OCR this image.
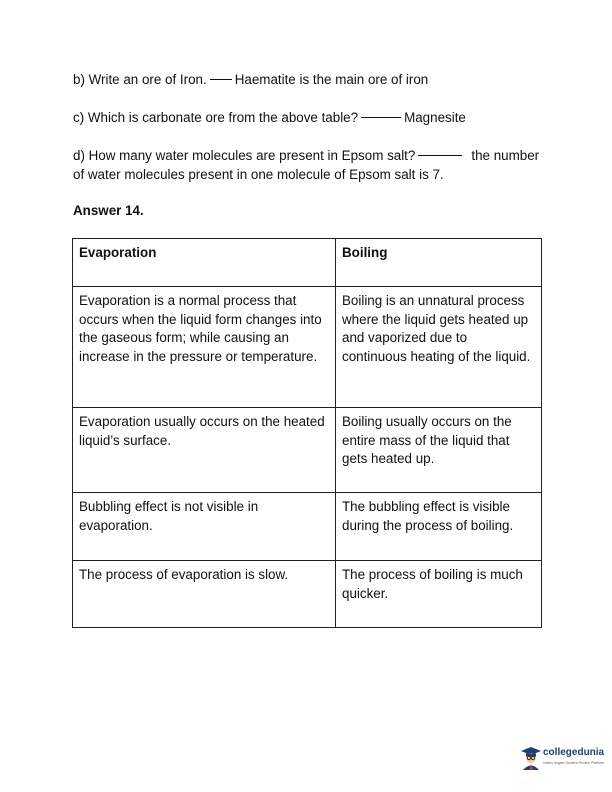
b) Write an ore of Iron. Haematite is the main ore of iron

c) Which is carbonate ore from the above table?	Magnesite

d) How many water molecules are present in Epsom salt?	the number of water molecules present in one molecule of Epsom salt is 7.

Answer 14.

Evaporation	Boiling
Evaporation is a normal process that occurs when the liquid form changes into the gaseous form; while causing an increase in the pressure or temperature.	Boiling is an unnatural process where the liquid gets heated up and vaporized due to continuous heating of the liquid.
Evaporation usually occurs on the heated liquid’s surface.	Boiling usually occurs on the entire mass of the liquid that gets heated up.
Bubbling effect is not visible in evaporation.	The bubbling effect is visible during the process of boiling.
The process of evaporation is slow.	The process of boiling is much quicker.
collegedunia
India's largest Student Review Platform
